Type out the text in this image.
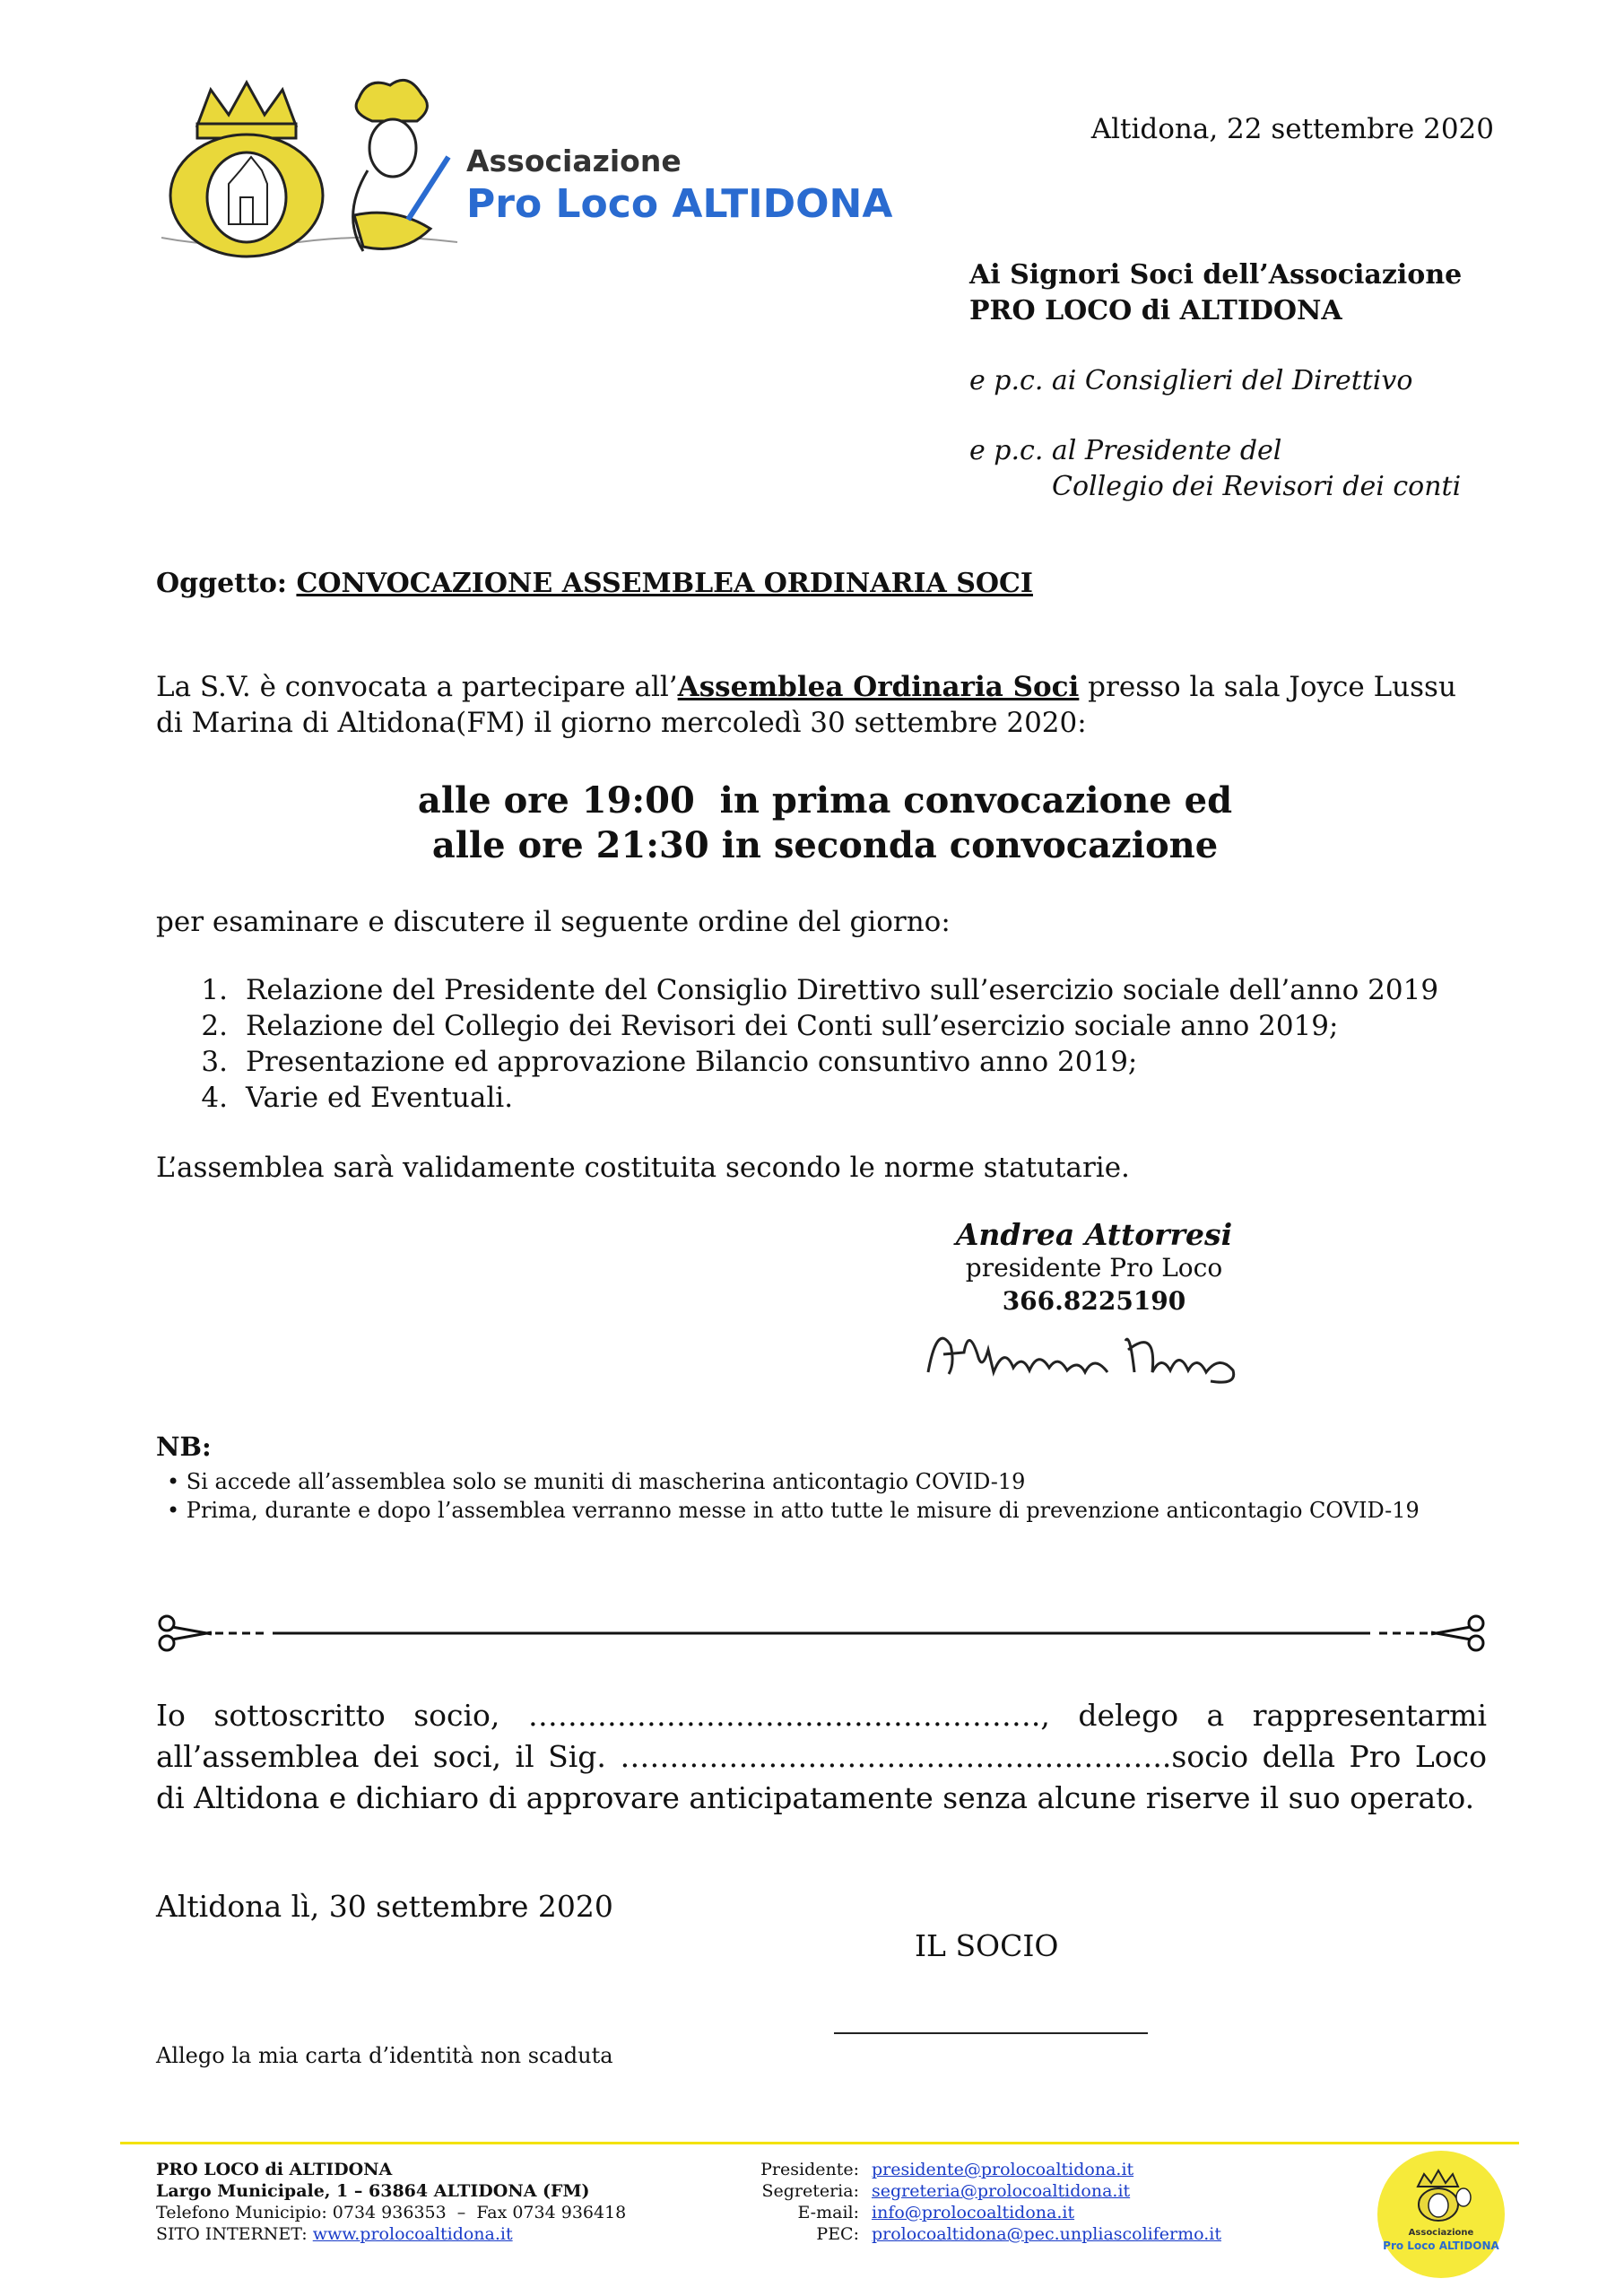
Associazione
Pro Loco ALTIDONA
Altidona, 22 settembre 2020
Ai Signori Soci dell’Associazione
PRO LOCO di ALTIDONA
e p.c. ai Consiglieri del Direttivo
e p.c. al Presidente del
Collegio dei Revisori dei conti
Oggetto: CONVOCAZIONE ASSEMBLEA ORDINARIA SOCI
La S.V. è convocata a partecipare all’Assemblea Ordinaria Soci presso la sala Joyce Lussu di Marina di Altidona(FM) il giorno mercoledì 30 settembre 2020:
alle ore 19:00  in prima convocazione ed
alle ore 21:30 in seconda convocazione
per esaminare e discutere il seguente ordine del giorno:
1. Relazione del Presidente del Consiglio Direttivo sull’esercizio sociale dell’anno 2019
2. Relazione del Collegio dei Revisori dei Conti sull’esercizio sociale anno 2019;
3. Presentazione ed approvazione Bilancio consuntivo anno 2019;
4. Varie ed Eventuali.
L’assemblea sarà validamente costituita secondo le norme statutarie.
Andrea Attorresi
presidente Pro Loco
366.8225190
NB:
• Si accede all’assemblea solo se muniti di mascherina anticontagio COVID-19
• Prima, durante e dopo l’assemblea verranno messe in atto tutte le misure di prevenzione anticontagio COVID-19
Io sottoscritto socio, ……………………………………………., delego a rappresentarmi all’assemblea dei soci, il Sig. ………………………………………………..socio della Pro Loco di Altidona e dichiaro di approvare anticipatamente senza alcune riserve il suo operato.
Altidona lì, 30 settembre 2020
IL SOCIO
Allego la mia carta d’identità non scaduta
PRO LOCO di ALTIDONA
Largo Municipale, 1 – 63864 ALTIDONA (FM)
Telefono Municipio: 0734 936353  –  Fax 0734 936418
SITO INTERNET: www.prolocoaltidona.it
Presidente: presidente@prolocoaltidona.it
Segreteria: segreteria@prolocoaltidona.it
E-mail: info@prolocoaltidona.it
PEC: prolocoaltidona@pec.unpliascolifermo.it	Associazione
Pro Loco ALTIDONA
